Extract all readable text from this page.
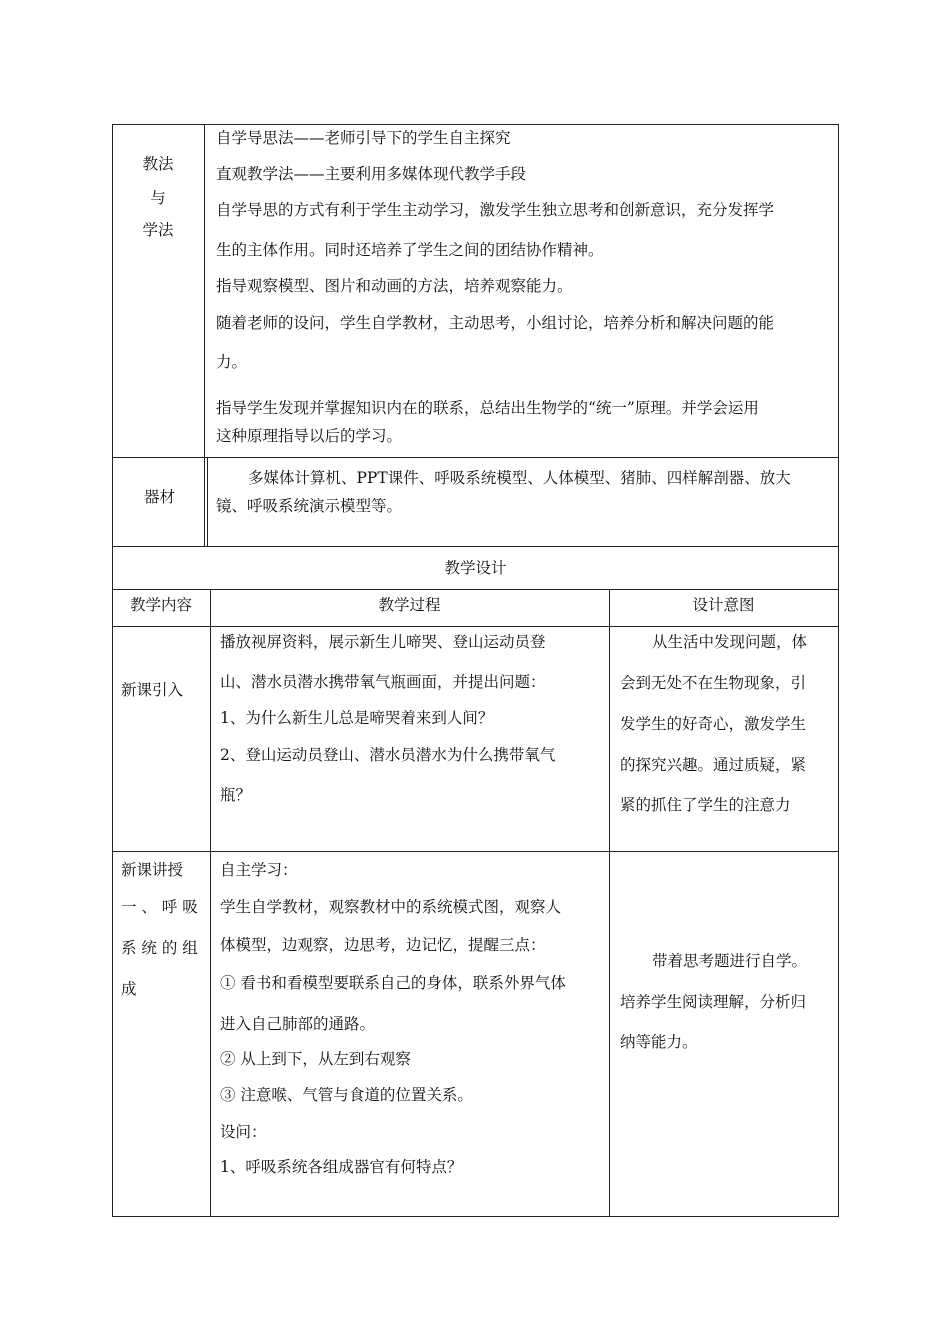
教法
与
学法
自学导思法——老师引导下的学生自主探究
直观教学法——主要利用多媒体现代教学手段
自学导思的方式有利于学生主动学习，激发学生独立思考和创新意识，充分发挥学
生的主体作用。同时还培养了学生之间的团结协作精神。
指导观察模型、图片和动画的方法，培养观察能力。
随着老师的设问，学生自学教材，主动思考，小组讨论，培养分析和解决问题的能
力。
指导学生发现并掌握知识内在的联系，总结出生物学的“统一”原理。并学会运用
这种原理指导以后的学习。
器材
多媒体计算机、PPT课件、呼吸系统模型、人体模型、猪肺、四样解剖器、放大
镜、呼吸系统演示模型等。
教学设计
教学内容	教学过程	设计意图
新课引入
播放视屏资料，展示新生儿啼哭、登山运动员登
山、潜水员潜水携带氧气瓶画面，并提出问题：
1、为什么新生儿总是啼哭着来到人间？
2、登山运动员登山、潜水员潜水为什么携带氧气
瓶？
从生活中发现问题，体
会到无处不在生物现象，引
发学生的好奇心，激发学生
的探究兴趣。通过质疑，紧
紧的抓住了学生的注意力
新课讲授
一 、 呼 吸
系 统 的 组
成
自主学习：
学生自学教材，观察教材中的系统模式图，观察人
体模型，边观察，边思考，边记忆，提醒三点：
① 看书和看模型要联系自己的身体，联系外界气体
进入自己肺部的通路。
② 从上到下，从左到右观察
③ 注意喉、气管与食道的位置关系。
设问：
1、呼吸系统各组成器官有何特点？
带着思考题进行自学。
培养学生阅读理解，分析归
纳等能力。
